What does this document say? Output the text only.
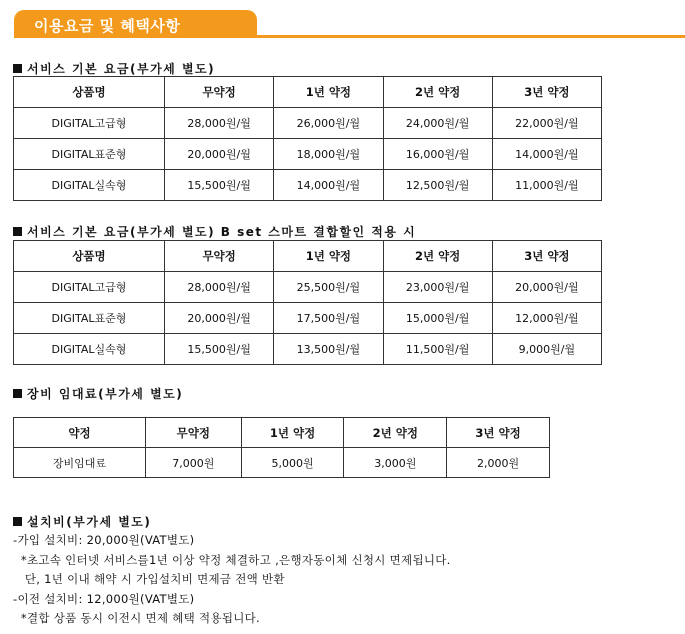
이용요금 및 혜택사항
서비스 기본 요금(부가세 별도)
상품명	무약정	1년 약정	2년 약정	3년 약정
DIGITAL고급형	28,000원/월	26,000원/월	24,000원/월	22,000원/월
DIGITAL표준형	20,000원/월	18,000원/월	16,000원/월	14,000원/월
DIGITAL실속형	15,500원/월	14,000원/월	12,500원/월	11,000원/월
서비스 기본 요금(부가세 별도) B set 스마트 결합할인 적용 시
상품명	무약정	1년 약정	2년 약정	3년 약정
DIGITAL고급형	28,000원/월	25,500원/월	23,000원/월	20,000원/월
DIGITAL표준형	20,000원/월	17,500원/월	15,000원/월	12,000원/월
DIGITAL실속형	15,500원/월	13,500원/월	11,500원/월	9,000원/월
장비 임대료(부가세 별도)
약정	무약정	1년 약정	2년 약정	3년 약정
장비임대료	7,000원	5,000원	3,000원	2,000원
설치비(부가세 별도)
-가입 설치비: 20,000원(VAT별도)
*초고속 인터넷 서비스를1년 이상 약정 체결하고 ,은행자동이체 신청시 면제됩니다.
단, 1년 이내 해약 시 가입설치비 면제금 전액 반환
-이전 설치비: 12,000원(VAT별도)
*결합 상품 동시 이전시 면제 혜택 적용됩니다.
